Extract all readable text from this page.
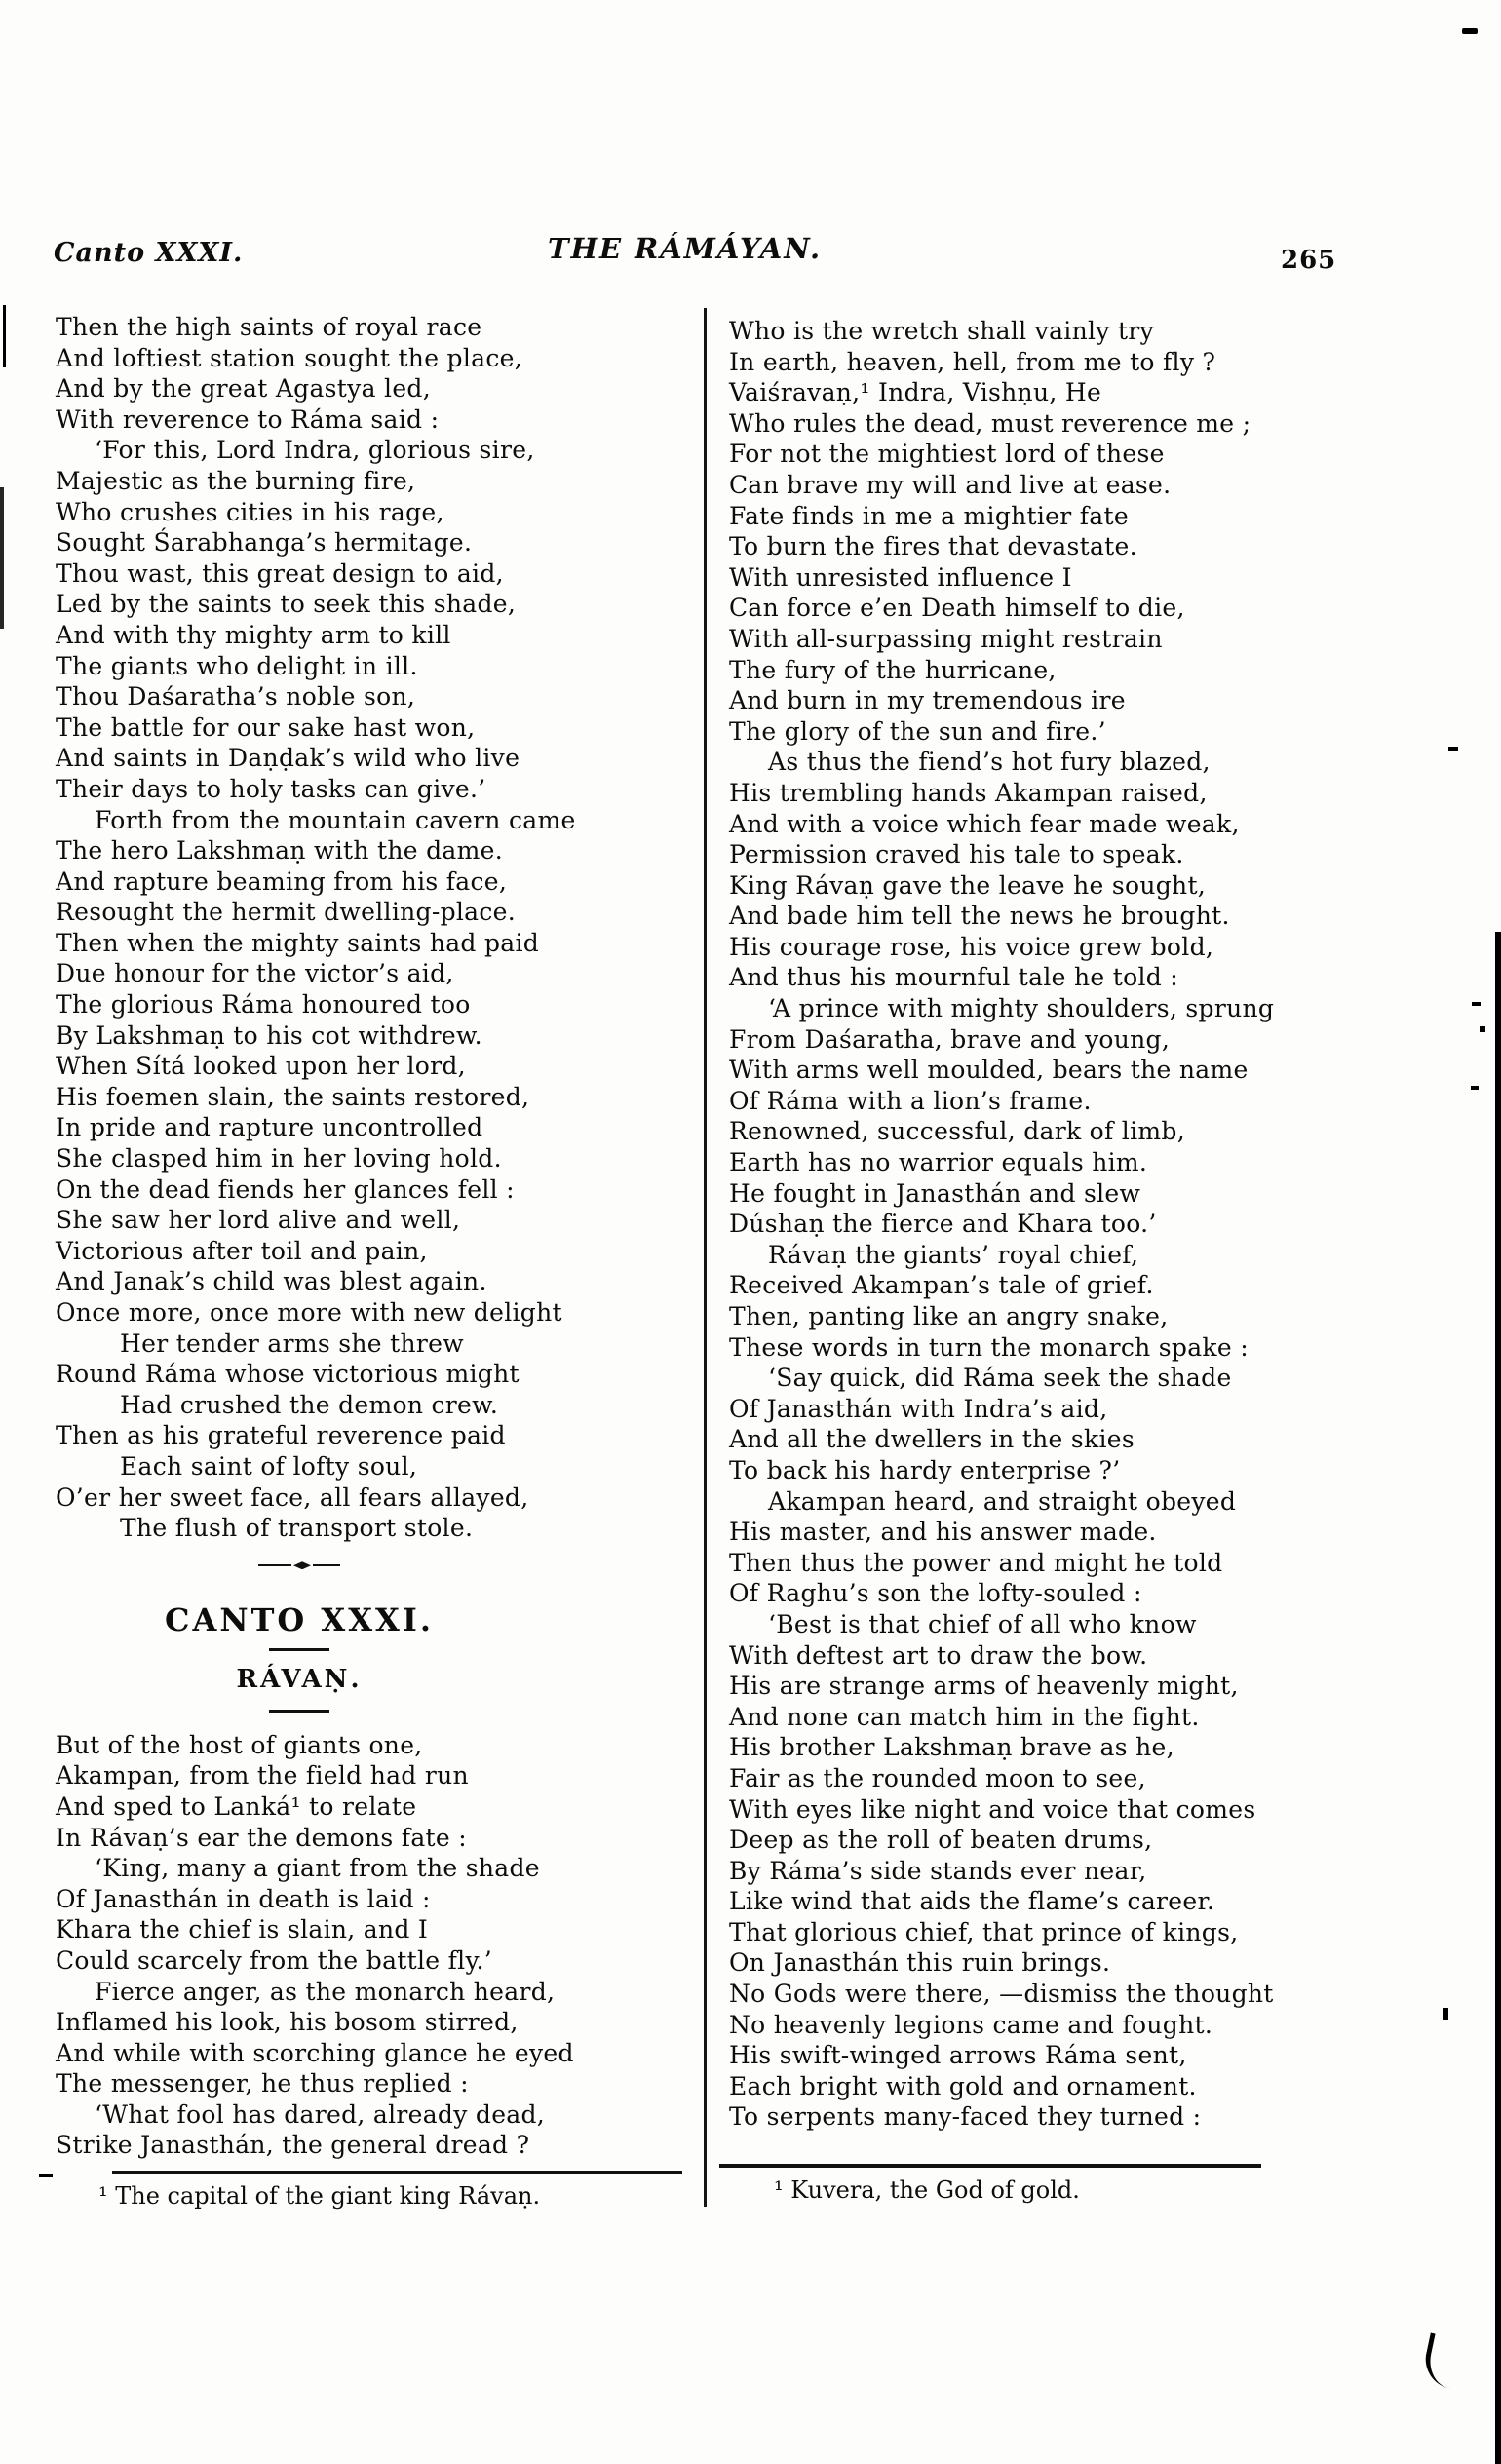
Canto XXXI.	THE RÁMÁYAN.	265
Then the high saints of royal race
And loftiest station sought the place,
And by the great Agastya led,
With reverence to Ráma said :
‘For this, Lord Indra, glorious sire,
Majestic as the burning fire,
Who crushes cities in his rage,
Sought Śarabhanga’s hermitage.
Thou wast, this great design to aid,
Led by the saints to seek this shade,
And with thy mighty arm to kill
The giants who delight in ill.
Thou Daśaratha’s noble son,
The battle for our sake hast won,
And saints in Daṇḍak’s wild who live
Their days to holy tasks can give.’
Forth from the mountain cavern came
The hero Lakshmaṇ with the dame.
And rapture beaming from his face,
Resought the hermit dwelling-place.
Then when the mighty saints had paid
Due honour for the victor’s aid,
The glorious Ráma honoured too
By Lakshmaṇ to his cot withdrew.
When Sítá looked upon her lord,
His foemen slain, the saints restored,
In pride and rapture uncontrolled
She clasped him in her loving hold.
On the dead fiends her glances fell :
She saw her lord alive and well,
Victorious after toil and pain,
And Janak’s child was blest again.
Once more, once more with new delight
Her tender arms she threw
Round Ráma whose victorious might
Had crushed the demon crew.
Then as his grateful reverence paid
Each saint of lofty soul,
O’er her sweet face, all fears allayed,
The flush of transport stole.
CANTO XXXI.
RÁVAṆ.
But of the host of giants one,
Akampan, from the field had run
And sped to Lanká¹ to relate
In Rávaṇ’s ear the demons fate :
‘King, many a giant from the shade
Of Janasthán in death is laid :
Khara the chief is slain, and I
Could scarcely from the battle fly.’
Fierce anger, as the monarch heard,
Inflamed his look, his bosom stirred,
And while with scorching glance he eyed
The messenger, he thus replied :
‘What fool has dared, already dead,
Strike Janasthán, the general dread ?
¹ The capital of the giant king Rávaṇ.
Who is the wretch shall vainly try
In earth, heaven, hell, from me to fly ?
Vaiśravaṇ,¹ Indra, Vishṇu, He
Who rules the dead, must reverence me ;
For not the mightiest lord of these
Can brave my will and live at ease.
Fate finds in me a mightier fate
To burn the fires that devastate.
With unresisted influence I
Can force e’en Death himself to die,
With all-surpassing might restrain
The fury of the hurricane,
And burn in my tremendous ire
The glory of the sun and fire.’
As thus the fiend’s hot fury blazed,
His trembling hands Akampan raised,
And with a voice which fear made weak,
Permission craved his tale to speak.
King Rávaṇ gave the leave he sought,
And bade him tell the news he brought.
His courage rose, his voice grew bold,
And thus his mournful tale he told :
‘A prince with mighty shoulders, sprung
From Daśaratha, brave and young,
With arms well moulded, bears the name
Of Ráma with a lion’s frame.
Renowned, successful, dark of limb,
Earth has no warrior equals him.
He fought in Janasthán and slew
Dúshaṇ the fierce and Khara too.’
Rávaṇ the giants’ royal chief,
Received Akampan’s tale of grief.
Then, panting like an angry snake,
These words in turn the monarch spake :
‘Say quick, did Ráma seek the shade
Of Janasthán with Indra’s aid,
And all the dwellers in the skies
To back his hardy enterprise ?’
Akampan heard, and straight obeyed
His master, and his answer made.
Then thus the power and might he told
Of Raghu’s son the lofty-souled :
‘Best is that chief of all who know
With deftest art to draw the bow.
His are strange arms of heavenly might,
And none can match him in the fight.
His brother Lakshmaṇ brave as he,
Fair as the rounded moon to see,
With eyes like night and voice that comes
Deep as the roll of beaten drums,
By Ráma’s side stands ever near,
Like wind that aids the flame’s career.
That glorious chief, that prince of kings,
On Janasthán this ruin brings.
No Gods were there, —dismiss the thought
No heavenly legions came and fought.
His swift-winged arrows Ráma sent,
Each bright with gold and ornament.
To serpents many-faced they turned :
¹ Kuvera, the God of gold.
